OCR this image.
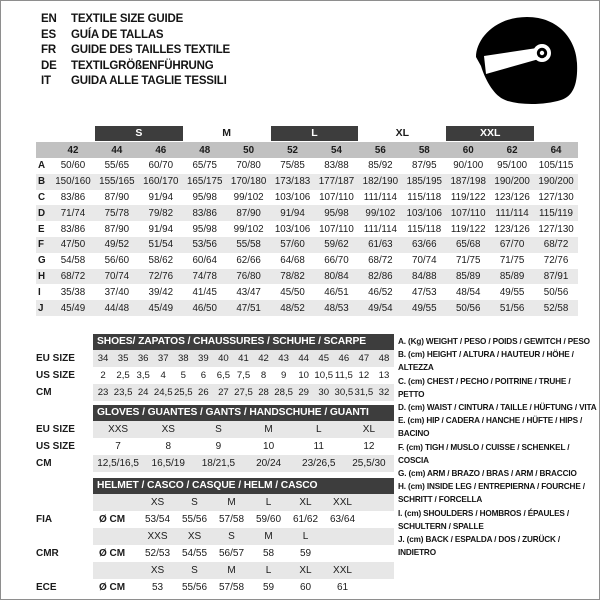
EN	TEXTILE SIZE GUIDE
ES	GUÍA DE TALLAS
FR	GUIDE DES TAILLES TEXTILE
DE	TEXTILGRÖßENFÜHRUNG
IT	GUIDA ALLE TAGLIE TESSILI
S	M	L	XL	XXL
42	44	46	48	50	52	54	56	58	60	62	64
A	50/60	55/65	60/70	65/75	70/80	75/85	83/88	85/92	87/95	90/100	95/100	105/115
B	150/160 155/165 160/170 165/175 170/180 173/183 177/187 182/190 185/195 187/198 190/200 190/200
C	83/86	87/90	91/94	95/98	99/102	103/106 107/110	111/114	115/118 119/122 123/126 127/130
D	71/74	75/78	79/82	83/86	87/90	91/94	95/98	99/102	103/106 107/110	111/114	115/119
E	83/86	87/90	91/94	95/98	99/102	103/106 107/110	111/114	115/118 119/122 123/126 127/130
F	47/50	49/52	51/54	53/56	55/58	57/60	59/62	61/63	63/66	65/68	67/70	68/72
G	54/58	56/60	58/62	60/64	62/66	64/68	66/70	68/72	70/74	71/75	71/75	72/76
H	68/72	70/74	72/76	74/78	76/80	78/82	80/84	82/86	84/88	85/89	85/89	87/91
I	35/38	37/40	39/42	41/45	43/47	45/50	46/51	46/52	47/53	48/54	49/55	50/56
J	45/49	44/48	45/49	46/50	47/51	48/52	48/53	49/54	49/55	50/56	51/56	52/58
SHOES/ ZAPATOS / CHAUSSURES / SCHUHE / SCARPE
EU SIZE	34 35 36 37 38 39 40 41 42 43 44 45 46 47 48
US SIZE	2	2,5 3,5	4	5	6	6,5 7,5	8	9	10 10,5 11,5 12 13
CM	23 23,5 24 24,5 25,5 26 27 27,5 28 28,5 29 30 30,5 31,5 32
GLOVES / GUANTES / GANTS / HANDSCHUHE / GUANTI
EU SIZE	XXS	XS	S	M	L	XL
US SIZE	7	8	9	10	11	12
CM	12,5/16,5	16,5/19	18/21,5	20/24	23/26,5	25,5/30
HELMET / CASCO / CASQUE / HELM / CASCO
XS	S	M	L	XL	XXL
FIA	Ø CM	53/54	55/56	57/58	59/60	61/62	63/64
XXS	XS	S	M	L
CMR	Ø CM	52/53	54/55	56/57	58	59
XS	S	M	L	XL	XXL
ECE	Ø CM	53	55/56	57/58	59	60	61
A. (Kg) WEIGHT / PESO / POIDS / GEWITCH / PESO
B. (cm) HEIGHT / ALTURA / HAUTEUR / HÖHE / ALTEZZA
C. (cm) CHEST / PECHO / POITRINE / TRUHE / PETTO
D. (cm) WAIST / CINTURA / TAILLE / HÜFTUNG / VITA
E. (cm) HIP / CADERA / HANCHE / HÜFTE / HIPS / BACINO
F. (cm) TIGH / MUSLO / CUISSE / SCHENKEL / COSCIA
G. (cm) ARM / BRAZO / BRAS / ARM / BRACCIO
H. (cm) INSIDE LEG / ENTREPIERNA / FOURCHE / SCHRITT / FORCELLA
I. (cm) SHOULDERS / HOMBROS / ÉPAULES / SCHULTERN / SPALLE
J. (cm) BACK / ESPALDA / DOS / ZURÜCK / INDIETRO
